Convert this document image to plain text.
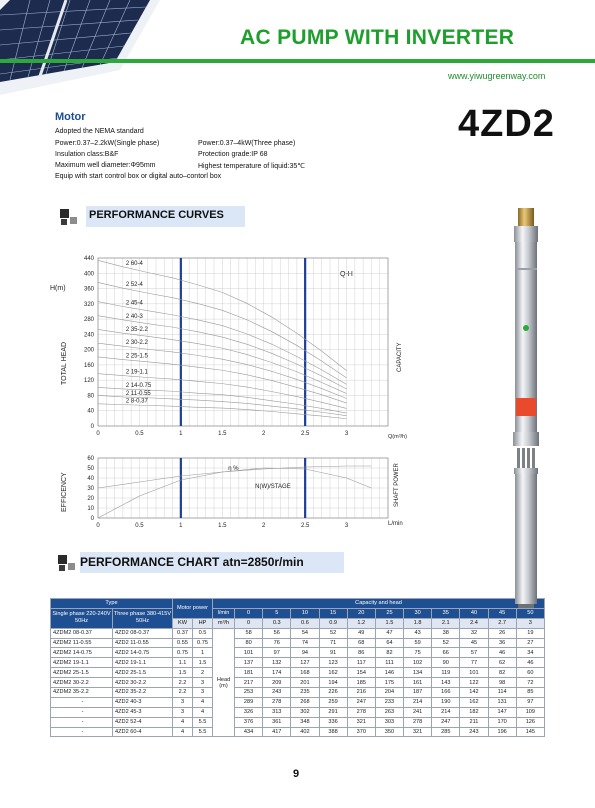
AC PUMP WITH INVERTER
www.yiwugreenway.com
Motor
Adopted the NEMA standard
Power:0.37–2.2kW(Single phase)	Power:0.37–4kW(Three phase)
Insulation class:B&F	Protection grade:IP 68
Maximum well diameter:Φ95mm	Highest temperature of liquid:35℃
Equip with start control box or digital auto–contorl box
4ZD2
PERFORMANCE CURVES
H(m)
TOTAL HEAD	CAPACITY
Q-H
Q(m³/h)
2 60-4
2 52-4
2 45-4
2 40-3
2 35-2.2
2 30-2.2
2 25-1.5
2 19-1.1
2 14-0.75
2 11-0.55
2 8-0.37
0	0.5	1	1.5	2	2.5	3
0
40
80
120
160
200
240
280
320
360
400
440
EFFICENCY	SHAFT POWER
L/min
η %
N(W)/STAGE
0	0.5	1	1.5	2	2.5	3
0
10
20
30
40
50
60
PERFORMANCE CHART atn=2850r/min
Type		Motor power		Capacity and head											
Single phase 220-240V 50Hz	Three phase 380-415V 50Hz			l/min	0	5	10	15	20	25	30	35	40	45	50
		KW	HP	m³/h	0	0.3	0.6	0.9	1.2	1.5	1.8	2.1	2.4	2.7	3
4ZDM2 08-0.37	4ZD2 08-0.37	0.37	0.5	Head (m)	58	56	54	52	49	47	43	38	32	26	19
4ZDM2 11-0.55	4ZD2 11-0.55	0.55	0.75		80	76	74	71	68	64	59	52	45	36	27
4ZDM2 14-0.75	4ZD2 14-0.75	0.75	1		101	97	94	91	86	82	75	66	57	46	34
4ZDM2 19-1.1	4ZD2 19-1.1	1.1	1.5		137	132	127	123	117	111	102	90	77	62	46
4ZDM2 25-1.5	4ZD2 25-1.5	1.5	2		181	174	168	162	154	146	134	119	101	82	60
4ZDM2 30-2.2	4ZD2 30-2.2	2.2	3		217	209	201	194	185	175	161	143	122	98	72
4ZDM2 35-2.2	4ZD2 35-2.2	2.2	3		253	243	235	226	216	204	187	166	142	114	85
-	4ZD2 40-3	3	4		289	278	268	259	247	233	214	190	162	131	97
-	4ZD2 45-3	3	4		326	313	302	291	278	263	241	214	182	147	109
-	4ZD2 52-4	4	5.5		376	361	348	336	321	303	278	247	211	170	126
-	4ZD2 60-4	4	5.5		434	417	402	388	370	350	321	285	243	196	145
9
